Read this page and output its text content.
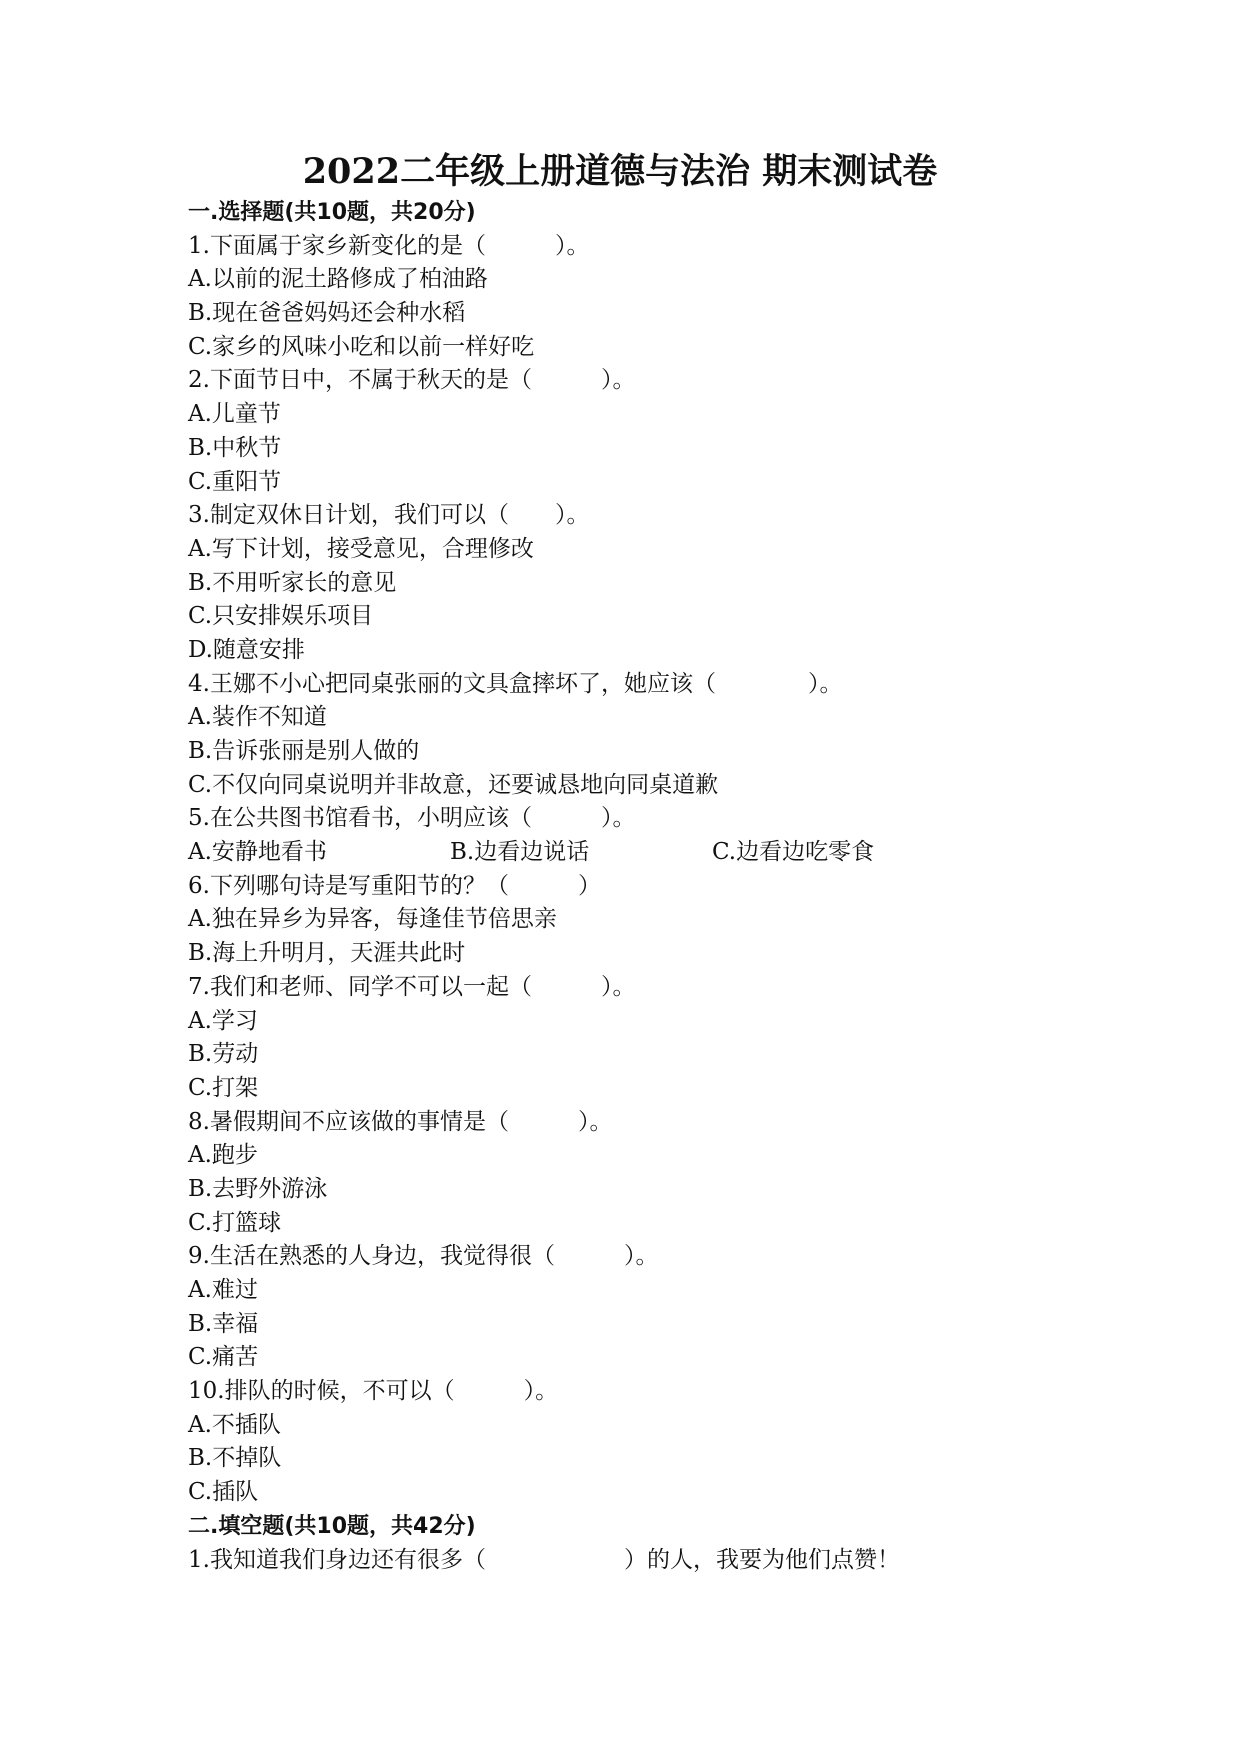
2022二年级上册道德与法治 期末测试卷
一.选择题(共10题，共20分)
1.下面属于家乡新变化的是（　　　）。
A.以前的泥土路修成了柏油路
B.现在爸爸妈妈还会种水稻
C.家乡的风味小吃和以前一样好吃
2.下面节日中，不属于秋天的是（　　　）。
A.儿童节
B.中秋节
C.重阳节
3.制定双休日计划，我们可以（　　）。
A.写下计划，接受意见，合理修改
B.不用听家长的意见
C.只安排娱乐项目
D.随意安排
4.王娜不小心把同桌张丽的文具盒摔坏了，她应该（　　　　）。
A.装作不知道
B.告诉张丽是别人做的
C.不仅向同桌说明并非故意，还要诚恳地向同桌道歉
5.在公共图书馆看书，小明应该（　　　）。
A.安静地看书	B.边看边说话	C.边看边吃零食
6.下列哪句诗是写重阳节的？（　　　）
A.独在异乡为异客，每逢佳节倍思亲
B.海上升明月，天涯共此时
7.我们和老师、同学不可以一起（　　　）。
A.学习
B.劳动
C.打架
8.暑假期间不应该做的事情是（　　　）。
A.跑步
B.去野外游泳
C.打篮球
9.生活在熟悉的人身边，我觉得很（　　　）。
A.难过
B.幸福
C.痛苦
10.排队的时候，不可以（　　　）。
A.不插队
B.不掉队
C.插队
二.填空题(共10题，共42分)
1.我知道我们身边还有很多（　　　　　　）的人，我要为他们点赞！
